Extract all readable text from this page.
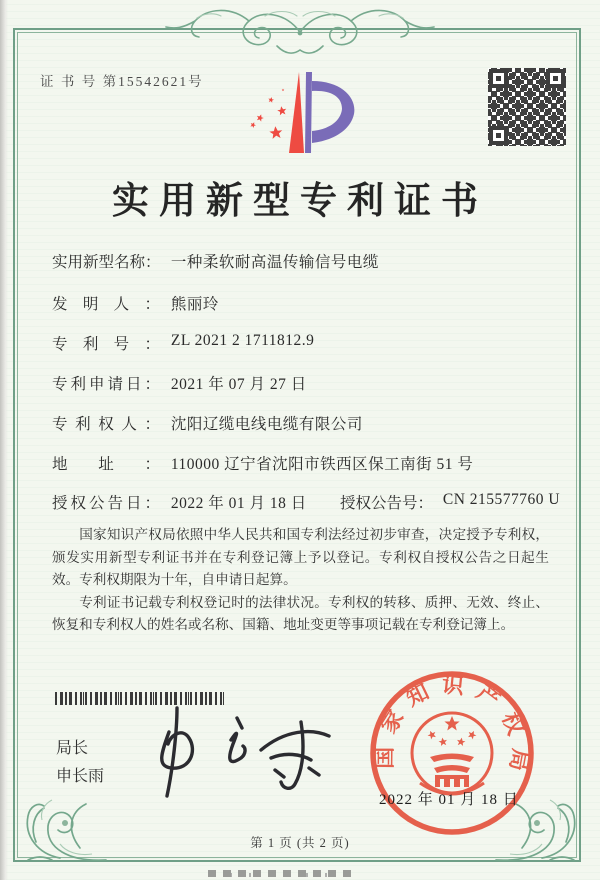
证 书 号 第15542621号
实用新型专利证书
实用新型名称： 一种柔软耐高温传输信号电缆
发明人： 熊丽玲
专利号： ZL 2021 2 1711812.9
专利申请日： 2021 年 07 月 27 日
专利权人： 沈阳辽缆电线电缆有限公司
地址： 110000 辽宁省沈阳市铁西区保工南街 51 号
授权公告日： 2022 年 01 月 18 日 授权公告号： CN 215577760 U

国家知识产权局依照中华人民共和国专利法经过初步审查，决定授予专利权，颁发实用新型专利证书并在专利登记簿上予以登记。专利权自授权公告之日起生效。专利权期限为十年，自申请日起算。

专利证书记载专利权登记时的法律状况。专利权的转移、质押、无效、终止、恢复和专利权人的姓名或名称、国籍、地址变更等事项记载在专利登记簿上。

局长
申长雨
国家知识产权局
2022 年 01 月 18 日
第 1 页 (共 2 页)
